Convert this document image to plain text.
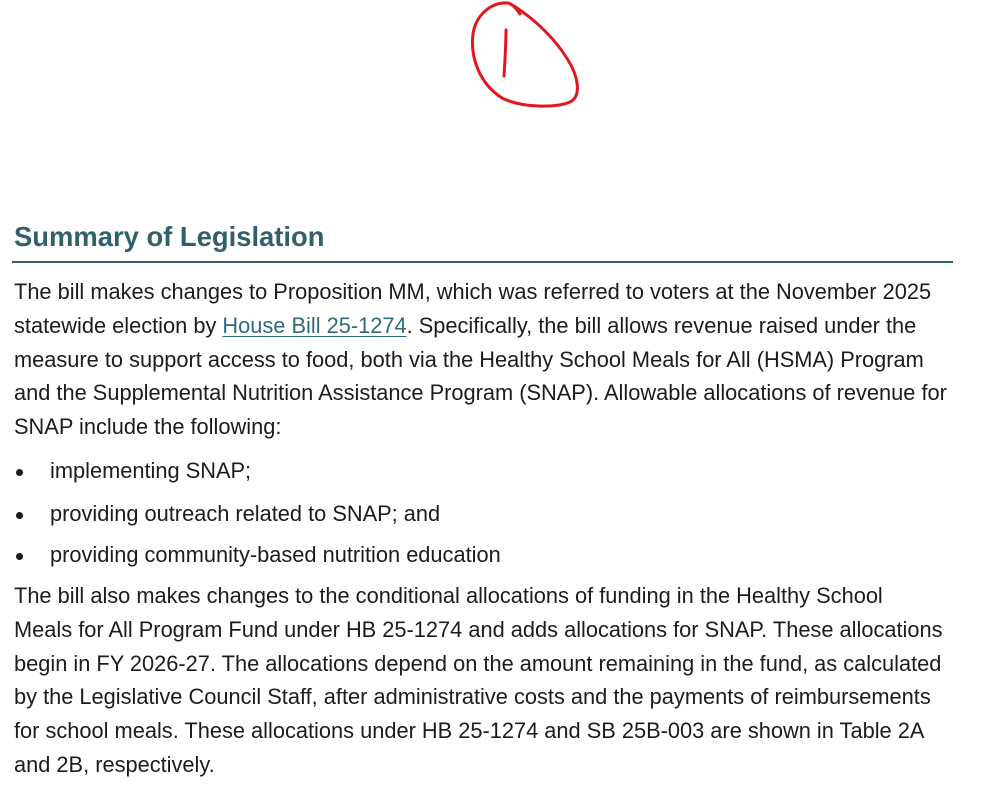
Summary of Legislation

The bill makes changes to Proposition MM, which was referred to voters at the November 2025
statewide election by House Bill 25-1274. Specifically, the bill allows revenue raised under the
measure to support access to food, both via the Healthy School Meals for All (HSMA) Program
and the Supplemental Nutrition Assistance Program (SNAP). Allowable allocations of revenue for
SNAP include the following:

implementing SNAP;
providing outreach related to SNAP; and
providing community-based nutrition education

The bill also makes changes to the conditional allocations of funding in the Healthy School
Meals for All Program Fund under HB 25-1274 and adds allocations for SNAP. These allocations
begin in FY 2026-27. The allocations depend on the amount remaining in the fund, as calculated
by the Legislative Council Staff, after administrative costs and the payments of reimbursements
for school meals. These allocations under HB 25-1274 and SB 25B-003 are shown in Table 2A
and 2B, respectively.
